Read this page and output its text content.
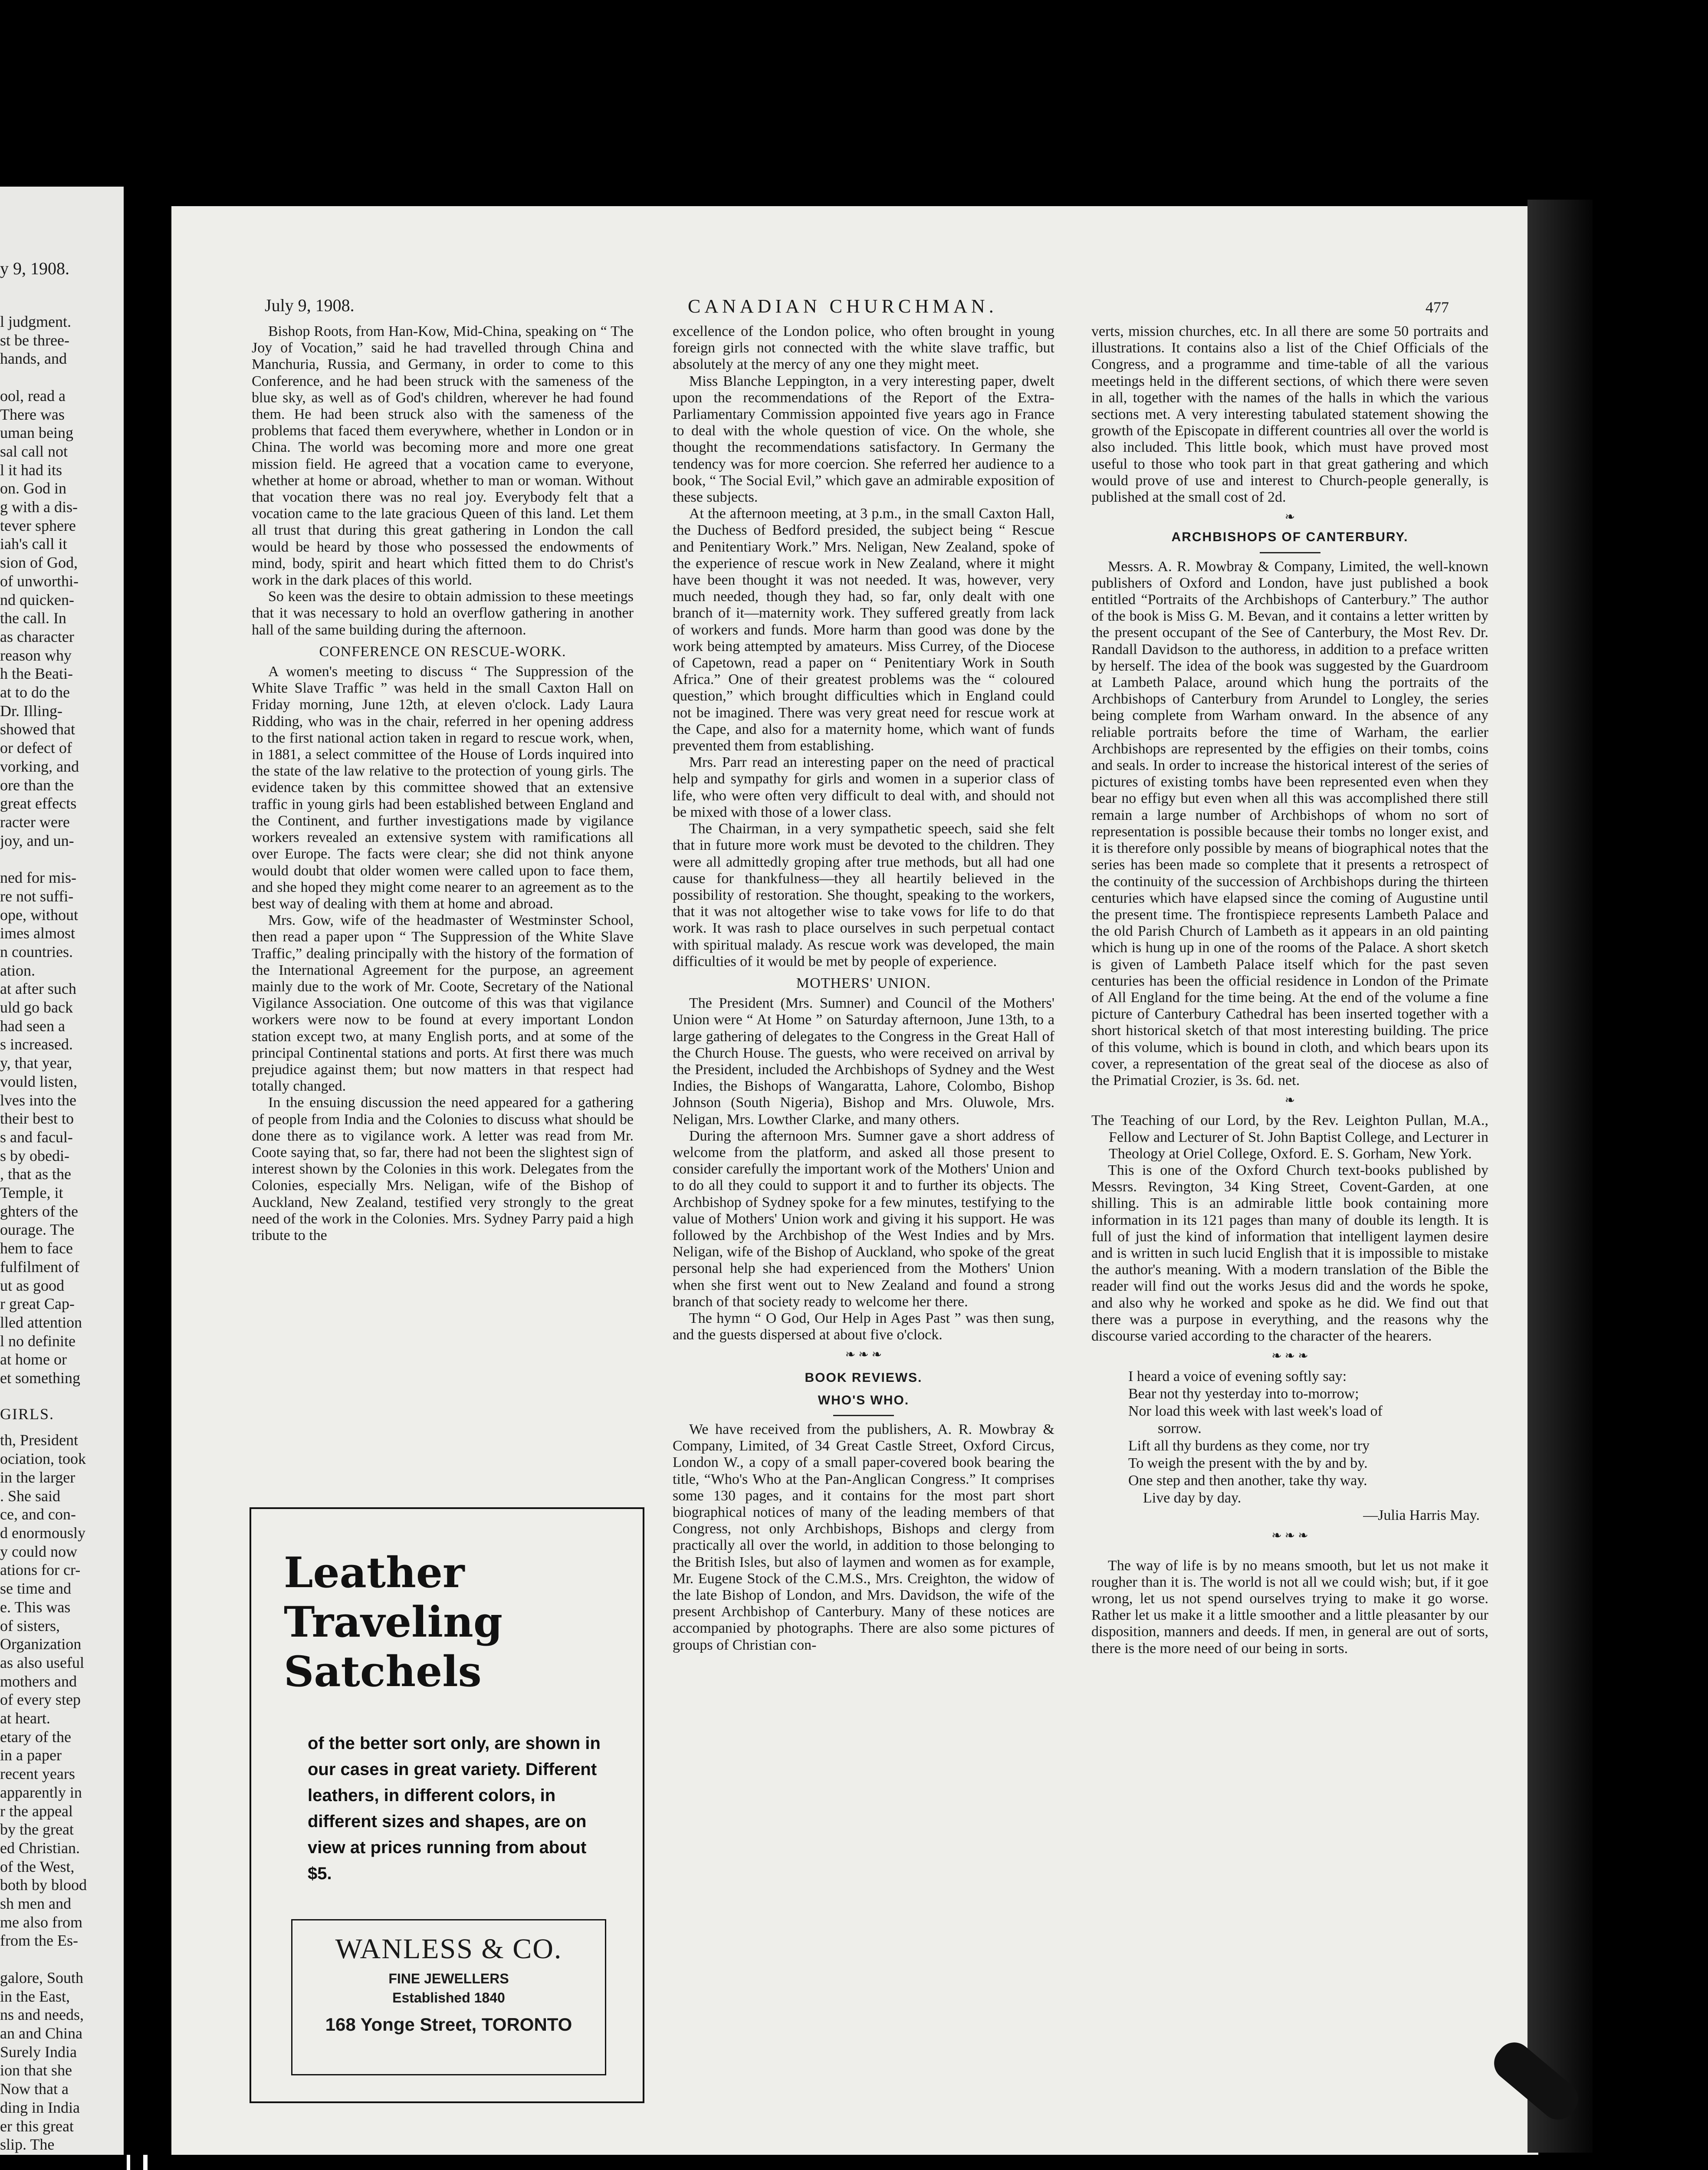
y 9, 1908.
l judgment.
st be three-
hands, and

ool, read a
There was
uman being
sal call not
l it had its
on. God in
g with a dis-
tever sphere
iah's call it
sion of God,
of unworthi-
nd quicken-
the call. In
as character
reason why
h the Beati-
at to do the
Dr. Illing-
showed that
or defect of
vorking, and
ore than the
great effects
racter were
joy, and un-

ned for mis-
re not suffi-
ope, without
imes almost
n countries.
ation.
at after such
uld go back
had seen a
s increased.
y, that year,
vould listen,
lves into the
their best to
s and facul-
s by obedi-
, that as the
Temple, it
ghters of the
ourage. The
hem to face
fulfilment of
ut as good
r great Cap-
lled attention
l no definite
at home or
et something
GIRLS.
th, President
ociation, took
in the larger
. She said
ce, and con-
d enormously
y could now
ations for cr-
se time and
e. This was
of sisters,
Organization
as also useful
mothers and
of every step
at heart.
etary of the
in a paper
recent years
apparently in
r the appeal
by the great
ed Christian.
of the West,
both by blood
sh men and
me also from
from the Es-

galore, South
in the East,
ns and needs,
an and China
Surely India
ion that she
Now that a
ding in India
er this great
slip. The
July 9, 1908.	CANADIAN CHURCHMAN.	477

Bishop Roots, from Han-Kow, Mid-China, speaking on “ The Joy of Vocation,” said he had travelled through China and Manchuria, Russia, and Germany, in order to come to this Conference, and he had been struck with the sameness of the blue sky, as well as of God's children, wherever he had found them. He had been struck also with the sameness of the problems that faced them everywhere, whether in London or in China. The world was becoming more and more one great mission field. He agreed that a vocation came to everyone, whether at home or abroad, whether to man or woman. Without that vocation there was no real joy. Everybody felt that a vocation came to the late gracious Queen of this land. Let them all trust that during this great gathering in London the call would be heard by those who possessed the endowments of mind, body, spirit and heart which fitted them to do Christ's work in the dark places of this world.

So keen was the desire to obtain admission to these meetings that it was necessary to hold an overflow gathering in another hall of the same building during the afternoon.

CONFERENCE ON RESCUE-WORK.

A women's meeting to discuss “ The Suppression of the White Slave Traffic ” was held in the small Caxton Hall on Friday morning, June 12th, at eleven o'clock. Lady Laura Ridding, who was in the chair, referred in her opening address to the first national action taken in regard to rescue work, when, in 1881, a select committee of the House of Lords inquired into the state of the law relative to the protection of young girls. The evidence taken by this committee showed that an extensive traffic in young girls had been established between England and the Continent, and further investigations made by vigilance workers revealed an extensive system with ramifications all over Europe. The facts were clear; she did not think anyone would doubt that older women were called upon to face them, and she hoped they might come nearer to an agreement as to the best way of dealing with them at home and abroad.

Mrs. Gow, wife of the headmaster of Westminster School, then read a paper upon “ The Suppression of the White Slave Traffic,” dealing principally with the history of the formation of the International Agreement for the purpose, an agreement mainly due to the work of Mr. Coote, Secretary of the National Vigilance Association. One outcome of this was that vigilance workers were now to be found at every important London station except two, at many English ports, and at some of the principal Continental stations and ports. At first there was much prejudice against them; but now matters in that respect had totally changed.

In the ensuing discussion the need appeared for a gathering of people from India and the Colonies to discuss what should be done there as to vigilance work. A letter was read from Mr. Coote saying that, so far, there had not been the slightest sign of interest shown by the Colonies in this work. Delegates from the Colonies, especially Mrs. Neligan, wife of the Bishop of Auckland, New Zealand, testified very strongly to the great need of the work in the Colonies. Mrs. Sydney Parry paid a high tribute to the

Leather
Traveling
Satchels
of the better sort only, are shown in our cases in great variety. Different leathers, in different colors, in different sizes and shapes, are on view at prices running from about $5.
WANLESS & CO.
FINE JEWELLERS
Established 1840
168 Yonge Street, TORONTO

excellence of the London police, who often brought in young foreign girls not connected with the white slave traffic, but absolutely at the mercy of any one they might meet.

Miss Blanche Leppington, in a very interesting paper, dwelt upon the recommendations of the Report of the Extra-Parliamentary Commission appointed five years ago in France to deal with the whole question of vice. On the whole, she thought the recommendations satisfactory. In Germany the tendency was for more coercion. She referred her audience to a book, “ The Social Evil,” which gave an admirable exposition of these subjects.

At the afternoon meeting, at 3 p.m., in the small Caxton Hall, the Duchess of Bedford presided, the subject being “ Rescue and Penitentiary Work.” Mrs. Neligan, New Zealand, spoke of the experience of rescue work in New Zealand, where it might have been thought it was not needed. It was, however, very much needed, though they had, so far, only dealt with one branch of it—maternity work. They suffered greatly from lack of workers and funds. More harm than good was done by the work being attempted by amateurs. Miss Currey, of the Diocese of Capetown, read a paper on “ Penitentiary Work in South Africa.” One of their greatest problems was the “ coloured question,” which brought difficulties which in England could not be imagined. There was very great need for rescue work at the Cape, and also for a maternity home, which want of funds prevented them from establishing.

Mrs. Parr read an interesting paper on the need of practical help and sympathy for girls and women in a superior class of life, who were often very difficult to deal with, and should not be mixed with those of a lower class.

The Chairman, in a very sympathetic speech, said she felt that in future more work must be devoted to the children. They were all admittedly groping after true methods, but all had one cause for thankfulness—they all heartily believed in the possibility of restoration. She thought, speaking to the workers, that it was not altogether wise to take vows for life to do that work. It was rash to place ourselves in such perpetual contact with spiritual malady. As rescue work was developed, the main difficulties of it would be met by people of experience.

MOTHERS' UNION.

The President (Mrs. Sumner) and Council of the Mothers' Union were “ At Home ” on Saturday afternoon, June 13th, to a large gathering of delegates to the Congress in the Great Hall of the Church House. The guests, who were received on arrival by the President, included the Archbishops of Sydney and the West Indies, the Bishops of Wangaratta, Lahore, Colombo, Bishop Johnson (South Nigeria), Bishop and Mrs. Oluwole, Mrs. Neligan, Mrs. Lowther Clarke, and many others.

During the afternoon Mrs. Sumner gave a short address of welcome from the platform, and asked all those present to consider carefully the important work of the Mothers' Union and to do all they could to support it and to further its objects. The Archbishop of Sydney spoke for a few minutes, testifying to the value of Mothers' Union work and giving it his support. He was followed by the Archbishop of the West Indies and by Mrs. Neligan, wife of the Bishop of Auckland, who spoke of the great personal help she had experienced from the Mothers' Union when she first went out to New Zealand and found a strong branch of that society ready to welcome her there.

The hymn “ O God, Our Help in Ages Past ” was then sung, and the guests dispersed at about five o'clock.

❧ ❧ ❧
BOOK REVIEWS.
WHO'S WHO.

We have received from the publishers, A. R. Mowbray & Company, Limited, of 34 Great Castle Street, Oxford Circus, London W., a copy of a small paper-covered book bearing the title, “Who's Who at the Pan-Anglican Congress.” It comprises some 130 pages, and it contains for the most part short biographical notices of many of the leading members of that Congress, not only Archbishops, Bishops and clergy from practically all over the world, in addition to those belonging to the British Isles, but also of laymen and women as for example, Mr. Eugene Stock of the C.M.S., Mrs. Creighton, the widow of the late Bishop of London, and Mrs. Davidson, the wife of the present Archbishop of Canterbury. Many of these notices are accompanied by photographs. There are also some pictures of groups of Christian con-

verts, mission churches, etc. In all there are some 50 portraits and illustrations. It contains also a list of the Chief Officials of the Congress, and a programme and time-table of all the various meetings held in the different sections, of which there were seven in all, together with the names of the halls in which the various sections met. A very interesting tabulated statement showing the growth of the Episcopate in different countries all over the world is also included. This little book, which must have proved most useful to those who took part in that great gathering and which would prove of use and interest to Church-people generally, is published at the small cost of 2d.

❧
ARCHBISHOPS OF CANTERBURY.

Messrs. A. R. Mowbray & Company, Limited, the well-known publishers of Oxford and London, have just published a book entitled “Portraits of the Archbishops of Canterbury.” The author of the book is Miss G. M. Bevan, and it contains a letter written by the present occupant of the See of Canterbury, the Most Rev. Dr. Randall Davidson to the authoress, in addition to a preface written by herself. The idea of the book was suggested by the Guardroom at Lambeth Palace, around which hung the portraits of the Archbishops of Canterbury from Arundel to Longley, the series being complete from Warham onward. In the absence of any reliable portraits before the time of Warham, the earlier Archbishops are represented by the effigies on their tombs, coins and seals. In order to increase the historical interest of the series of pictures of existing tombs have been represented even when they bear no effigy but even when all this was accomplished there still remain a large number of Archbishops of whom no sort of representation is possible because their tombs no longer exist, and it is therefore only possible by means of biographical notes that the series has been made so complete that it presents a retrospect of the continuity of the succession of Archbishops during the thirteen centuries which have elapsed since the coming of Augustine until the present time. The frontispiece represents Lambeth Palace and the old Parish Church of Lambeth as it appears in an old painting which is hung up in one of the rooms of the Palace. A short sketch is given of Lambeth Palace itself which for the past seven centuries has been the official residence in London of the Primate of All England for the time being. At the end of the volume a fine picture of Canterbury Cathedral has been inserted together with a short historical sketch of that most interesting building. The price of this volume, which is bound in cloth, and which bears upon its cover, a representation of the great seal of the diocese as also of the Primatial Crozier, is 3s. 6d. net.

❧

The Teaching of our Lord, by the Rev. Leighton Pullan, M.A., Fellow and Lecturer of St. John Baptist College, and Lecturer in Theology at Oriel College, Oxford. E. S. Gorham, New York.

This is one of the Oxford Church text-books published by Messrs. Revington, 34 King Street, Covent-Garden, at one shilling. This is an admirable little book containing more information in its 121 pages than many of double its length. It is full of just the kind of information that intelligent laymen desire and is written in such lucid English that it is impossible to mistake the author's meaning. With a modern translation of the Bible the reader will find out the works Jesus did and the words he spoke, and also why he worked and spoke as he did. We find out that there was a purpose in everything, and the reasons why the discourse varied according to the character of the hearers.

❧ ❧ ❧
I heard a voice of evening softly say:
Bear not thy yesterday into to-morrow;
Nor load this week with last week's load of
sorrow.
Lift all thy burdens as they come, nor try
To weigh the present with the by and by.
One step and then another, take thy way.
Live day by day.
—Julia Harris May.
❧ ❧ ❧

The way of life is by no means smooth, but let us not make it rougher than it is. The world is not all we could wish; but, if it goe wrong, let us not spend ourselves trying to make it go worse. Rather let us make it a little smoother and a little pleasanter by our disposition, manners and deeds. If men, in general are out of sorts, there is the more need of our being in sorts.
